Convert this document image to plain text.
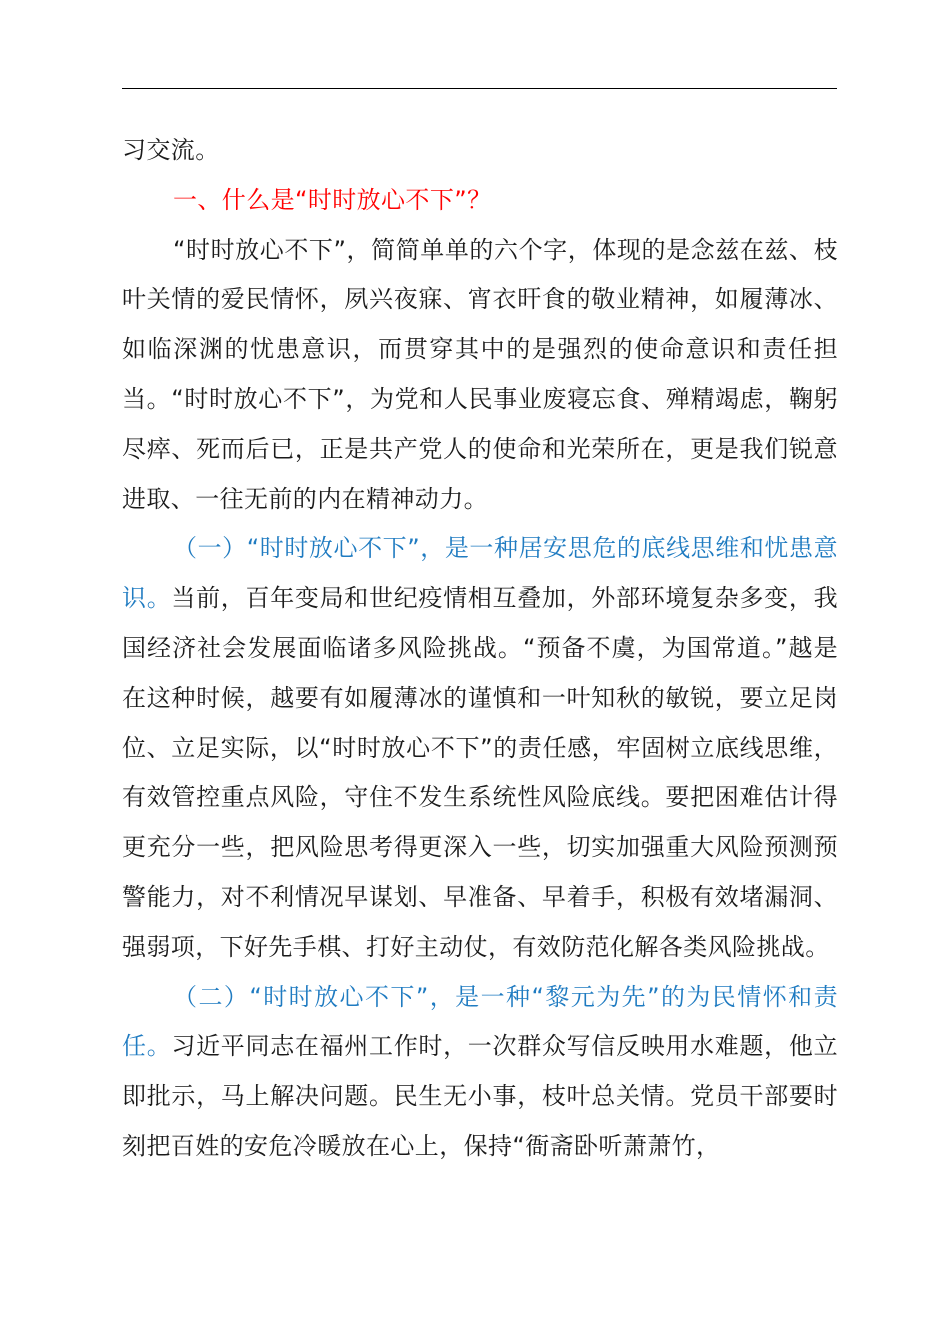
习交流。

一、什么是“时时放心不下”？

“时时放心不下”，简简单单的六个字，体现的是念兹在兹、枝叶关情的爱民情怀，夙兴夜寐、宵衣旰食的敬业精神，如履薄冰、如临深渊的忧患意识，而贯穿其中的是强烈的使命意识和责任担当。“时时放心不下”，为党和人民事业废寝忘食、殚精竭虑，鞠躬尽瘁、死而后已，正是共产党人的使命和光荣所在，更是我们锐意进取、一往无前的内在精神动力。

（一）“时时放心不下”，是一种居安思危的底线思维和忧患意识。当前，百年变局和世纪疫情相互叠加，外部环境复杂多变，我国经济社会发展面临诸多风险挑战。“预备不虞，为国常道。”越是在这种时候，越要有如履薄冰的谨慎和一叶知秋的敏锐，要立足岗位、立足实际，以“时时放心不下”的责任感，牢固树立底线思维，有效管控重点风险，守住不发生系统性风险底线。要把困难估计得更充分一些，把风险思考得更深入一些，切实加强重大风险预测预警能力，对不利情况早谋划、早准备、早着手，积极有效堵漏洞、强弱项，下好先手棋、打好主动仗，有效防范化解各类风险挑战。

（二）“时时放心不下”，是一种“黎元为先”的为民情怀和责任。习近平同志在福州工作时，一次群众写信反映用水难题，他立即批示，马上解决问题。民生无小事，枝叶总关情。党员干部要时刻把百姓的安危冷暖放在心上，保持“衙斋卧听萧萧竹，
